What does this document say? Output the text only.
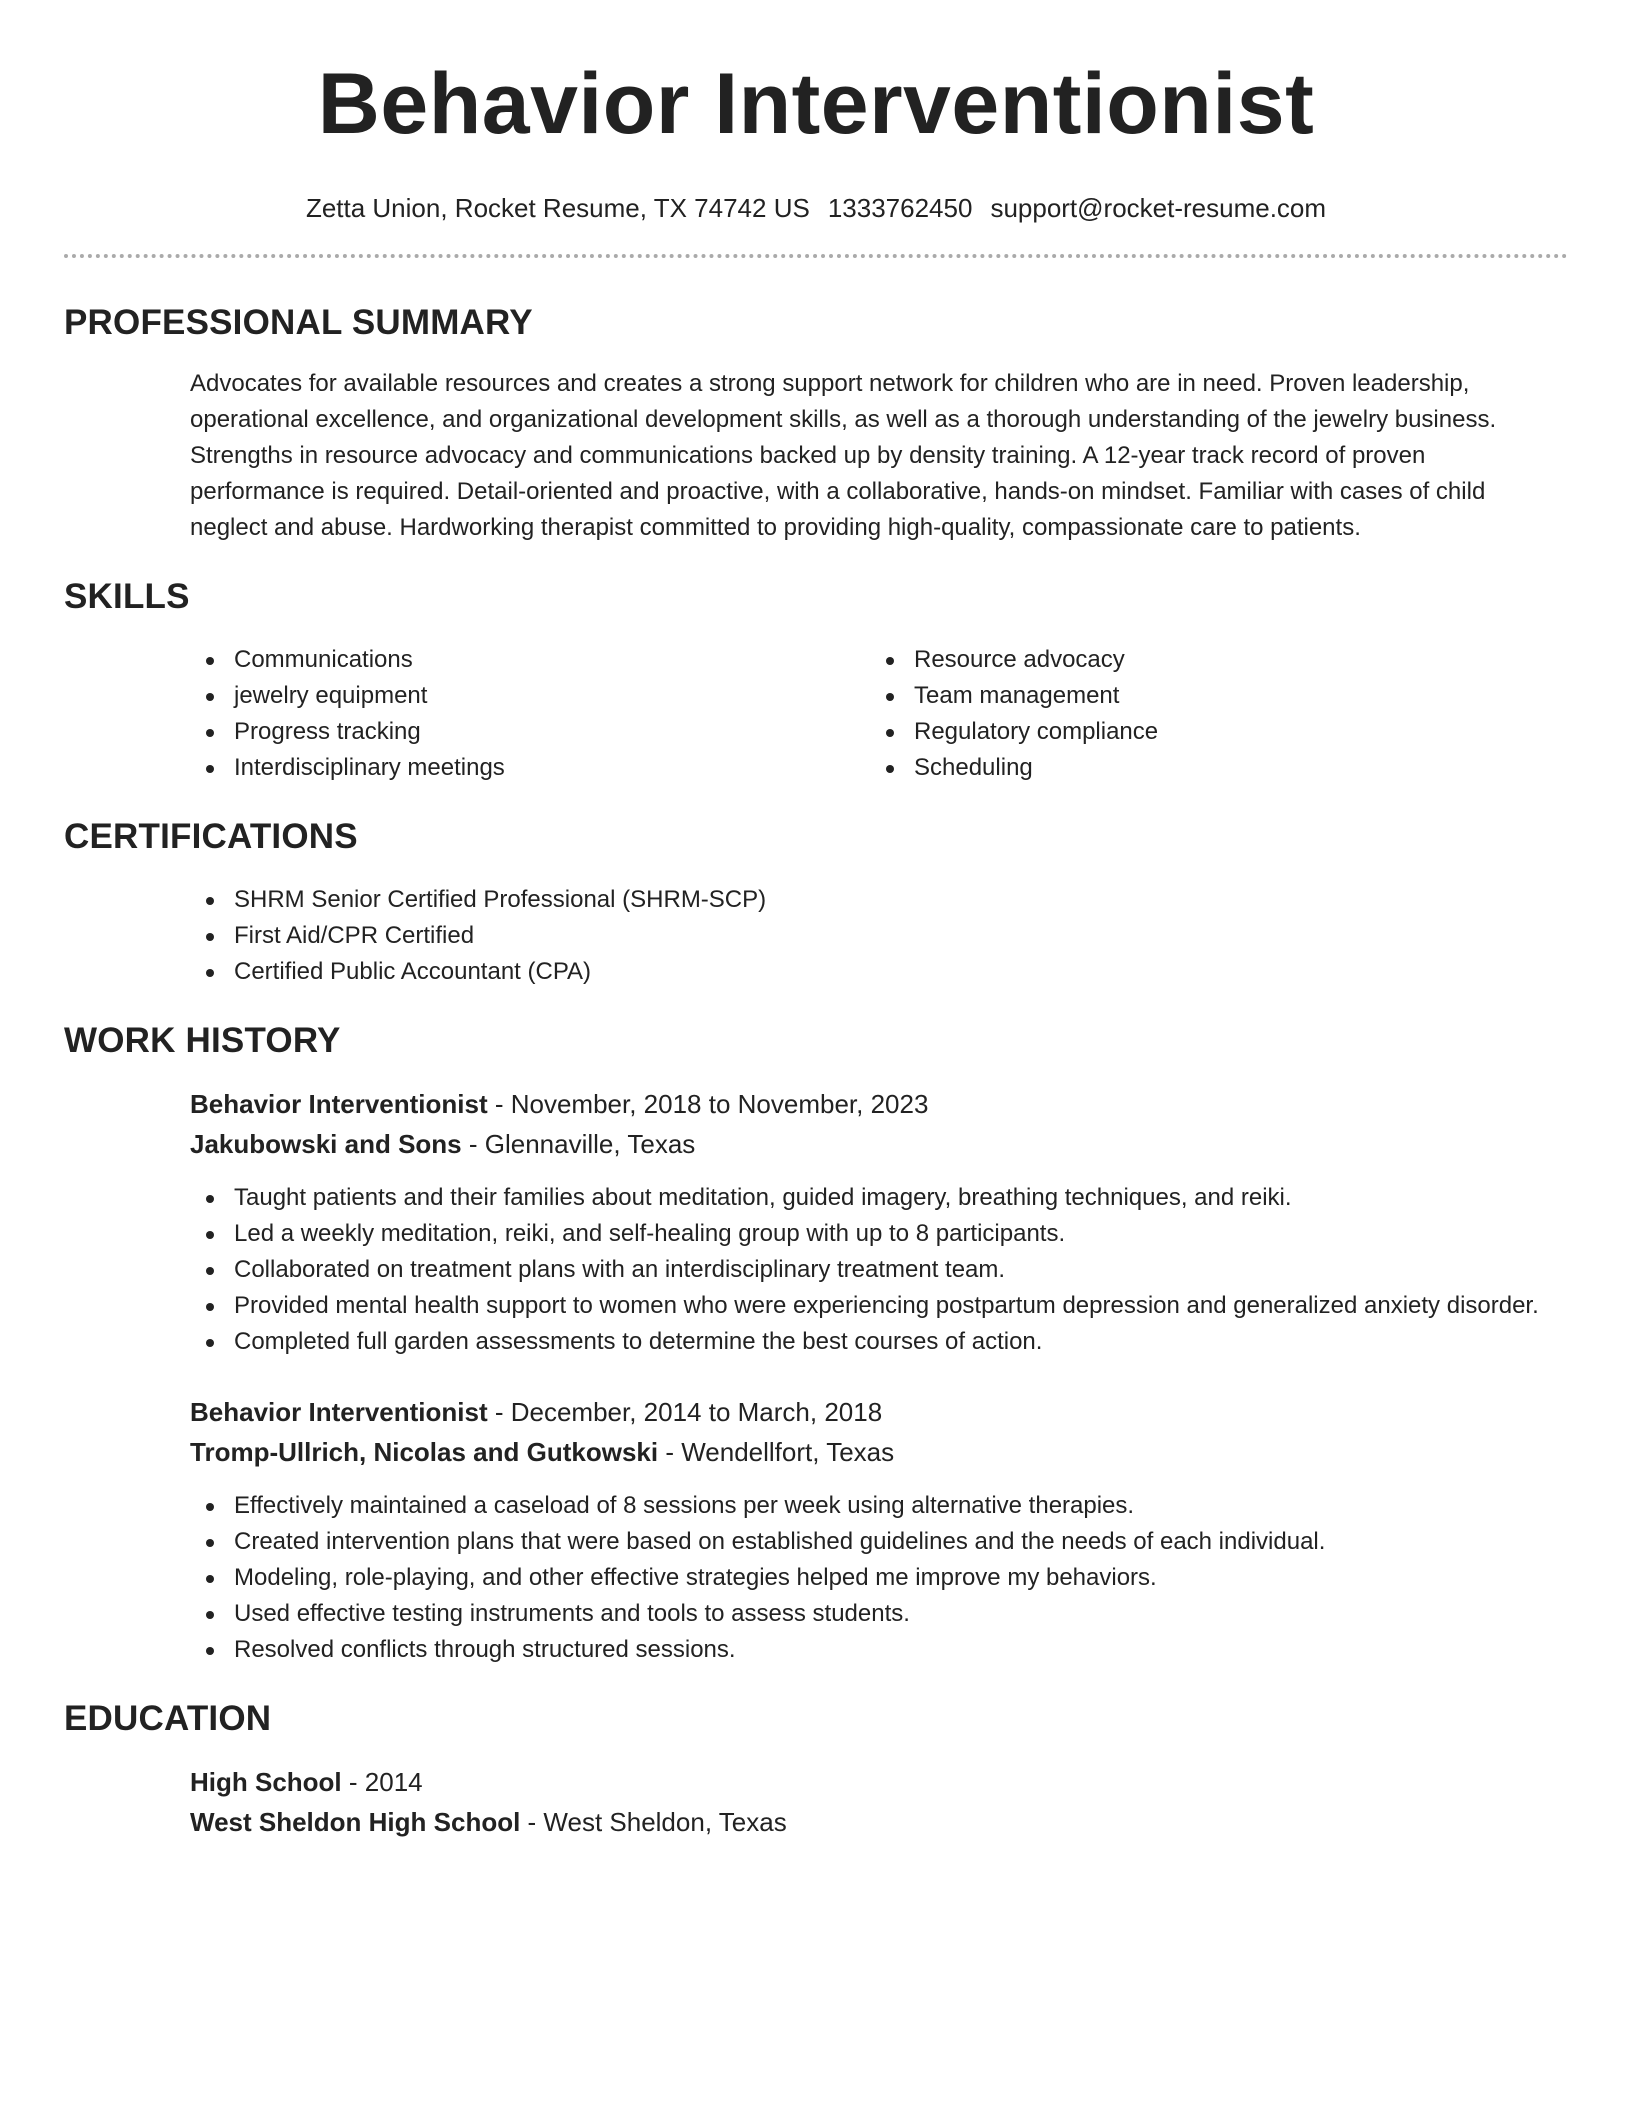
Behavior Interventionist
Zetta Union, Rocket Resume, TX 74742 US 1333762450 support@rocket-resume.com
PROFESSIONAL SUMMARY

Advocates for available resources and creates a strong support network for children who are in need. Proven leadership, operational excellence, and organizational development skills, as well as a thorough understanding of the jewelry business. Strengths in resource advocacy and communications backed up by density training. A 12-year track record of proven performance is required. Detail-oriented and proactive, with a collaborative, hands-on mindset. Familiar with cases of child neglect and abuse. Hardworking therapist committed to providing high-quality, compassionate care to patients.

SKILLS
Communications
jewelry equipment
Progress tracking
Interdisciplinary meetings
Resource advocacy
Team management
Regulatory compliance
Scheduling
CERTIFICATIONS
SHRM Senior Certified Professional (SHRM-SCP)
First Aid/CPR Certified
Certified Public Accountant (CPA)
WORK HISTORY
Behavior Interventionist - November, 2018 to November, 2023
Jakubowski and Sons - Glennaville, Texas
Taught patients and their families about meditation, guided imagery, breathing techniques, and reiki.
Led a weekly meditation, reiki, and self-healing group with up to 8 participants.
Collaborated on treatment plans with an interdisciplinary treatment team.
Provided mental health support to women who were experiencing postpartum depression and generalized anxiety disorder.
Completed full garden assessments to determine the best courses of action.
Behavior Interventionist - December, 2014 to March, 2018
Tromp-Ullrich, Nicolas and Gutkowski - Wendellfort, Texas
Effectively maintained a caseload of 8 sessions per week using alternative therapies.
Created intervention plans that were based on established guidelines and the needs of each individual.
Modeling, role-playing, and other effective strategies helped me improve my behaviors.
Used effective testing instruments and tools to assess students.
Resolved conflicts through structured sessions.
EDUCATION
High School - 2014
West Sheldon High School - West Sheldon, Texas
